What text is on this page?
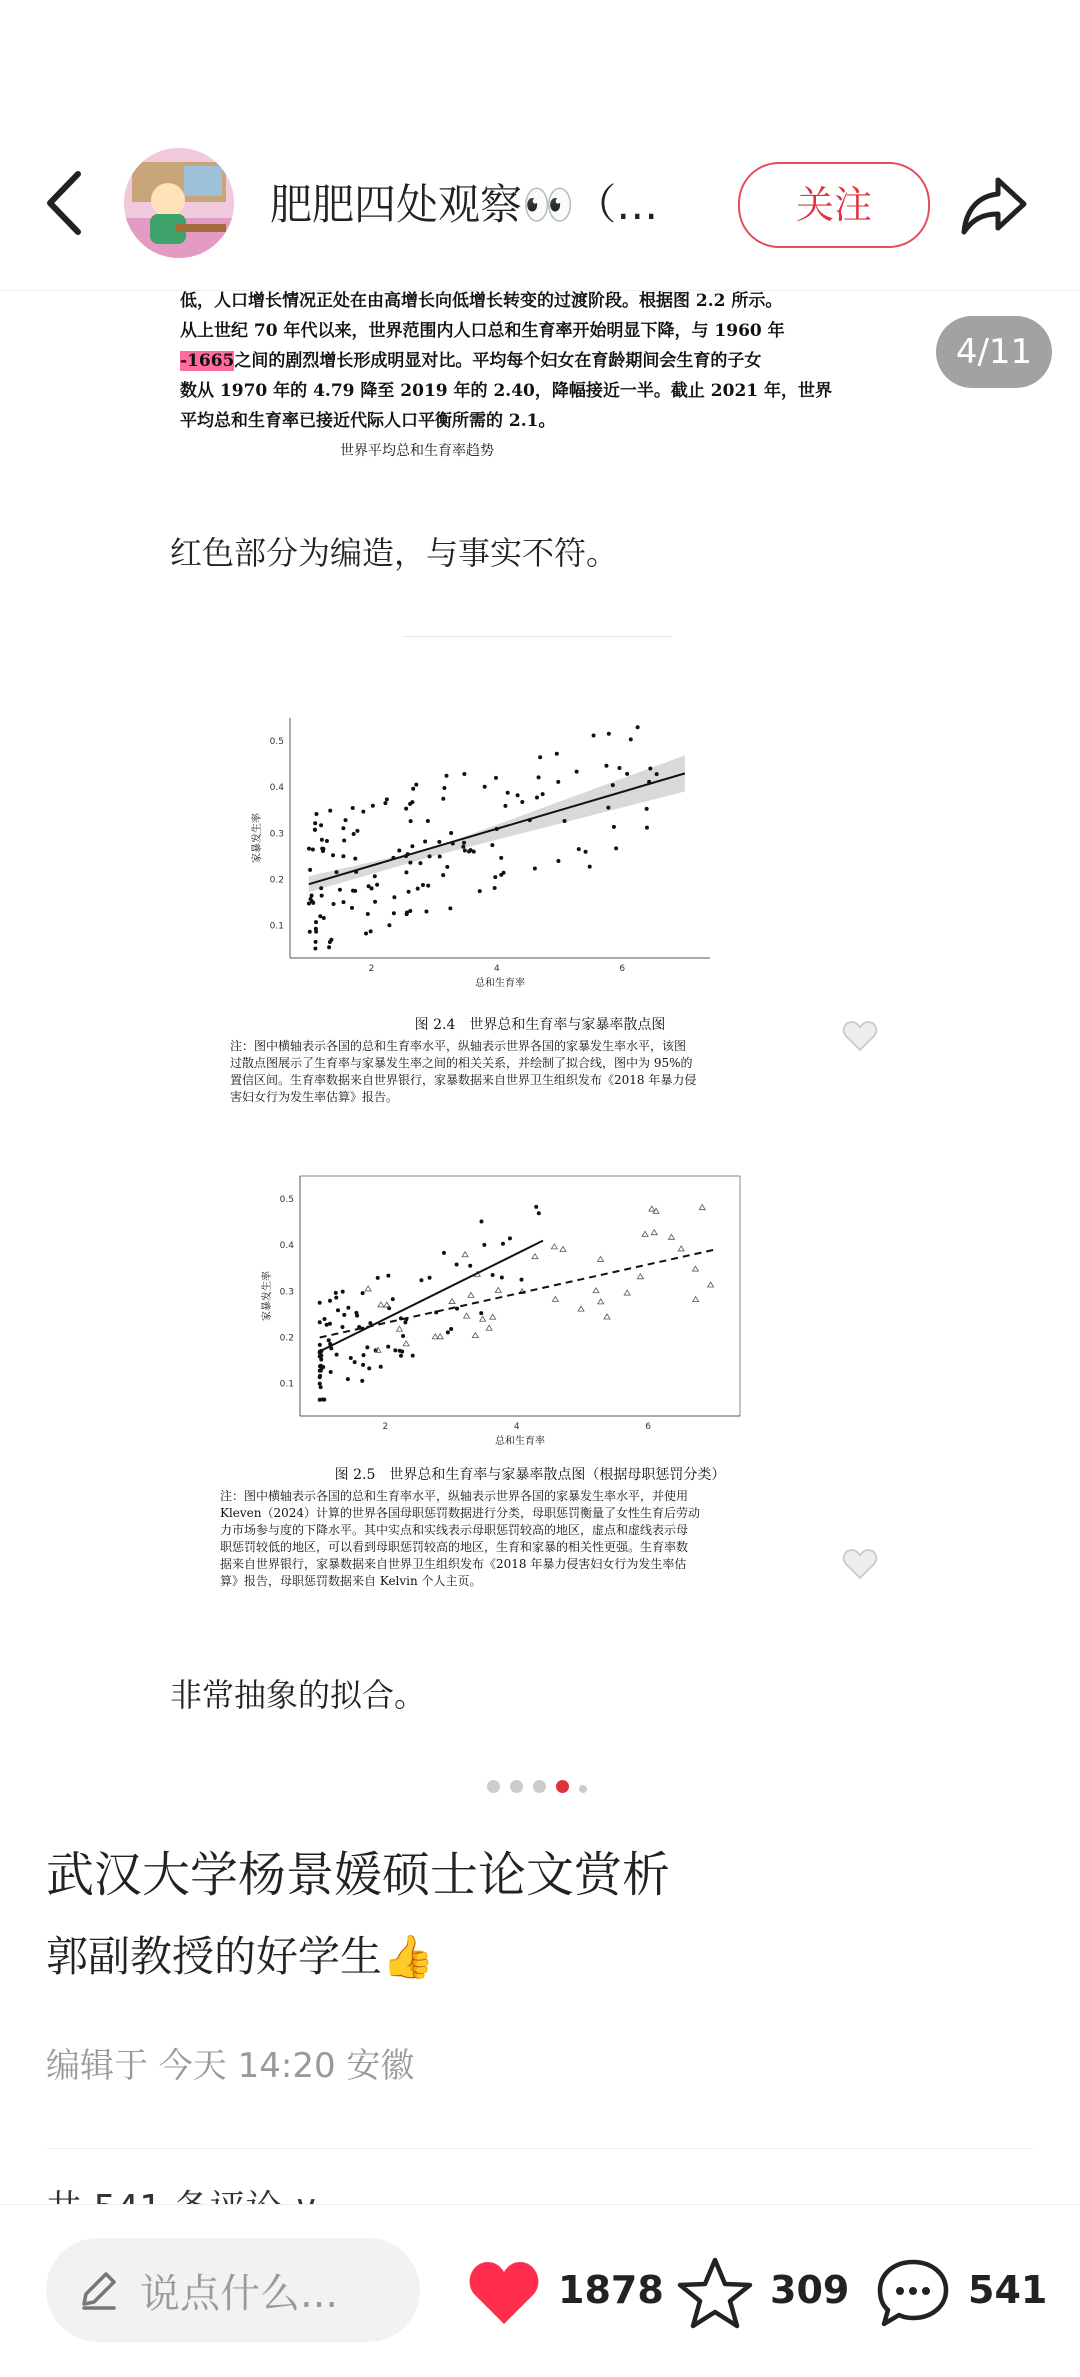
肥肥四处观察👀（…	关注
低，人口增长情况正处在由高增长向低增长转变的过渡阶段。根据图 2.2 所示。
从上世纪 70 年代以来，世界范围内人口总和生育率开始明显下降，与 1960 年
-1665之间的剧烈增长形成明显对比。平均每个妇女在育龄期间会生育的子女
数从 1970 年的 4.79 降至 2019 年的 2.40，降幅接近一半。截止 2021 年，世界
平均总和生育率已接近代际人口平衡所需的 2.1。
世界平均总和生育率趋势
红色部分为编造，与事实不符。
0.1
0.2
0.3
0.4
0.5
2	4	6
总和生育率
家暴发生率
图 2.4　世界总和生育率与家暴率散点图
注：图中横轴表示各国的总和生育率水平，纵轴表示世界各国的家暴发生率水平，该图
过散点图展示了生育率与家暴发生率之间的相关关系，并绘制了拟合线，图中为 95%的
置信区间。生育率数据来自世界银行，家暴数据来自世界卫生组织发布《2018 年暴力侵
害妇女行为发生率估算》报告。
0.1
0.2
0.3
0.4
0.5
2	4	6
总和生育率
家暴发生率
图 2.5　世界总和生育率与家暴率散点图（根据母职惩罚分类）
注：图中横轴表示各国的总和生育率水平，纵轴表示世界各国的家暴发生率水平，并使用
Kleven（2024）计算的世界各国母职惩罚数据进行分类，母职惩罚衡量了女性生育后劳动
力市场参与度的下降水平。其中实点和实线表示母职惩罚较高的地区，虚点和虚线表示母
职惩罚较低的地区，可以看到母职惩罚较高的地区，生育和家暴的相关性更强。生育率数
据来自世界银行，家暴数据来自世界卫生组织发布《2018 年暴力侵害妇女行为发生率估
算》报告，母职惩罚数据来自 Kelvin 个人主页。
非常抽象的拟合。
4/11
武汉大学杨景媛硕士论文赏析
郭副教授的好学生👍
编辑于 今天 14:20 安徽
说点什么...	1878	309	541
